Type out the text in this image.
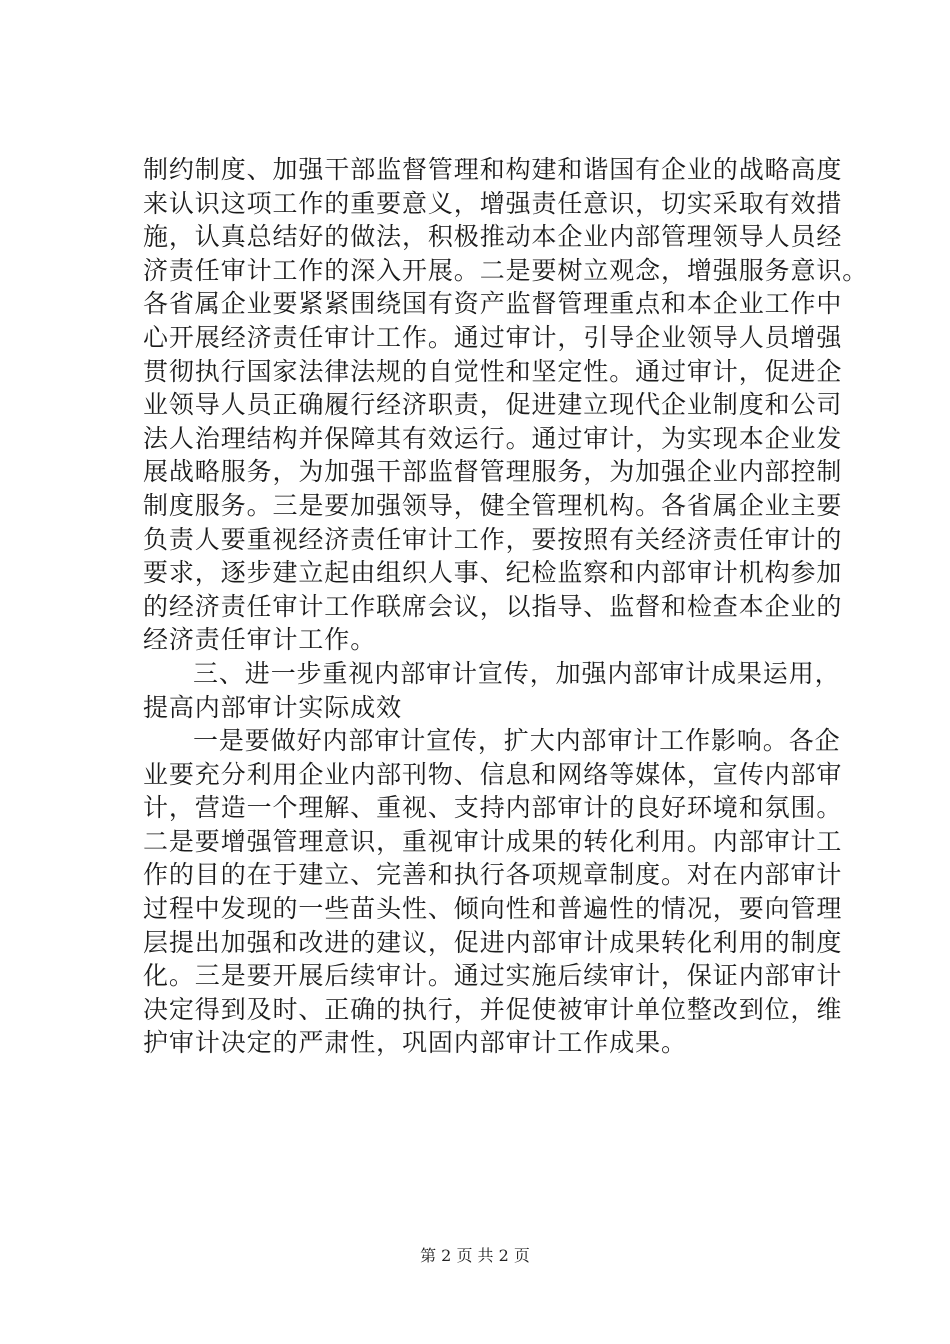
制约制度、加强干部监督管理和构建和谐国有企业的战略高度
来认识这项工作的重要意义，增强责任意识，切实采取有效措
施，认真总结好的做法，积极推动本企业内部管理领导人员经
济责任审计工作的深入开展。二是要树立观念，增强服务意识。
各省属企业要紧紧围绕国有资产监督管理重点和本企业工作中
心开展经济责任审计工作。通过审计，引导企业领导人员增强
贯彻执行国家法律法规的自觉性和坚定性。通过审计，促进企
业领导人员正确履行经济职责，促进建立现代企业制度和公司
法人治理结构并保障其有效运行。通过审计，为实现本企业发
展战略服务，为加强干部监督管理服务，为加强企业内部控制
制度服务。三是要加强领导，健全管理机构。各省属企业主要
负责人要重视经济责任审计工作，要按照有关经济责任审计的
要求，逐步建立起由组织人事、纪检监察和内部审计机构参加
的经济责任审计工作联席会议，以指导、监督和检查本企业的
经济责任审计工作。
三、进一步重视内部审计宣传，加强内部审计成果运用，
提高内部审计实际成效
一是要做好内部审计宣传，扩大内部审计工作影响。各企
业要充分利用企业内部刊物、信息和网络等媒体，宣传内部审
计，营造一个理解、重视、支持内部审计的良好环境和氛围。
二是要增强管理意识，重视审计成果的转化利用。内部审计工
作的目的在于建立、完善和执行各项规章制度。对在内部审计
过程中发现的一些苗头性、倾向性和普遍性的情况，要向管理
层提出加强和改进的建议，促进内部审计成果转化利用的制度
化。三是要开展后续审计。通过实施后续审计，保证内部审计
决定得到及时、正确的执行，并促使被审计单位整改到位，维
护审计决定的严肃性，巩固内部审计工作成果。
第 2 页 共 2 页
